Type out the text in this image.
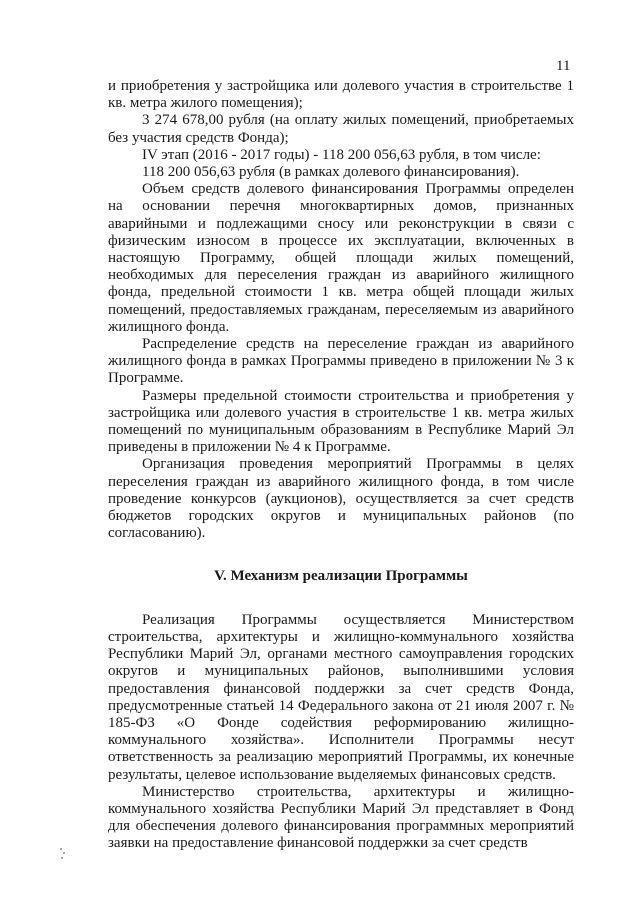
11

и приобретения у застройщика или долевого участия в строительстве 1 кв. метра жилого помещения);

3 274 678,00 рубля (на оплату жилых помещений, приобретаемых без участия средств Фонда);

IV этап (2016 - 2017 годы) - 118 200 056,63 рубля, в том числе:

118 200 056,63 рубля (в рамках долевого финансирования).

Объем средств долевого финансирования Программы определен на основании перечня многоквартирных домов, признанных аварийными и подлежащими сносу или реконструкции в связи с физическим износом в процессе их эксплуатации, включенных в настоящую Программу, общей площади жилых помещений, необходимых для переселения граждан из аварийного жилищного фонда, предельной стоимости 1 кв. метра общей площади жилых помещений, предоставляемых гражданам, переселяемым из аварийного жилищного фонда.

Распределение средств на переселение граждан из аварийного жилищного фонда в рамках Программы приведено в приложении № 3 к Программе.

Размеры предельной стоимости строительства и приобретения у застройщика или долевого участия в строительстве 1 кв. метра жилых помещений по муниципальным образованиям в Республике Марий Эл приведены в приложении № 4 к Программе.

Организация проведения мероприятий Программы в целях переселения граждан из аварийного жилищного фонда, в том числе проведение конкурсов (аукционов), осуществляется за счет средств бюджетов городских округов и муниципальных районов (по согласованию).

V. Механизм реализации Программы

Реализация Программы осуществляется Министерством строительства, архитектуры и жилищно-коммунального хозяйства Республики Марий Эл, органами местного самоуправления городских округов и муниципальных районов, выполнившими условия предоставления финансовой поддержки за счет средств Фонда, предусмотренные статьей 14 Федерального закона от 21 июля 2007 г. № 185-ФЗ «О Фонде содействия реформированию жилищно-коммунального хозяйства». Исполнители Программы несут ответственность за реализацию мероприятий Программы, их конечные результаты, целевое использование выделяемых финансовых средств.

Министерство строительства, архитектуры и жилищно-коммунального хозяйства Республики Марий Эл представляет в Фонд для обеспечения долевого финансирования программных мероприятий заявки на предоставление финансовой поддержки за счет средств
